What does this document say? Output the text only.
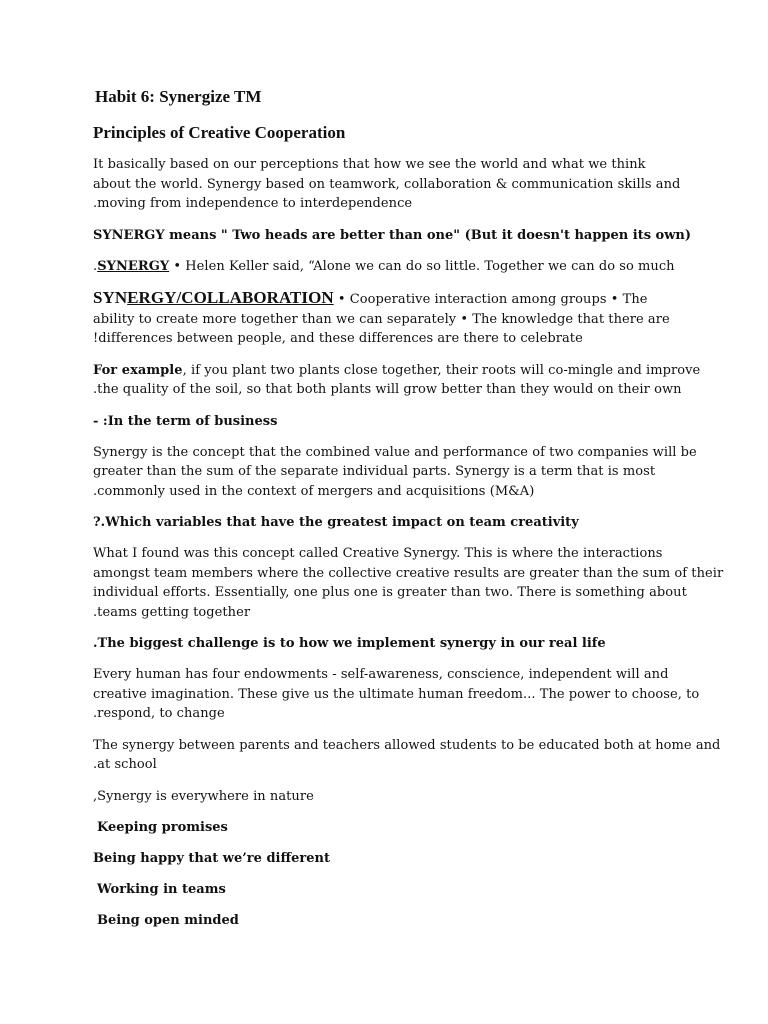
Habit 6: Synergize TM
Principles of Creative Cooperation
It basically based on our perceptions that how we see the world and what we think
about the world. Synergy based on teamwork, collaboration & communication skills and
.moving from independence to interdependence
SYNERGY means " Two heads are better than one" (But it doesn't happen its own)
.SYNERGY • Helen Keller said, “Alone we can do so little. Together we can do so much
SYNERGY/COLLABORATION • Cooperative interaction among groups • The
ability to create more together than we can separately • The knowledge that there are
!differences between people, and these differences are there to celebrate
For example, if you plant two plants close together, their roots will co-mingle and improve
.the quality of the soil, so that both plants will grow better than they would on their own
- :In the term of business
Synergy is the concept that the combined value and performance of two companies will be
greater than the sum of the separate individual parts. Synergy is a term that is most
.commonly used in the context of mergers and acquisitions (M&A)
?.Which variables that have the greatest impact on team creativity
What I found was this concept called Creative Synergy. This is where the interactions
amongst team members where the collective creative results are greater than the sum of their
individual efforts. Essentially, one plus one is greater than two. There is something about
.teams getting together
.The biggest challenge is to how we implement synergy in our real life
Every human has four endowments - self-awareness, conscience, independent will and
creative imagination. These give us the ultimate human freedom... The power to choose, to
.respond, to change
The synergy between parents and teachers allowed students to be educated both at home and
.at school
,Synergy is everywhere in nature
Keeping promises
Being happy that we’re different
Working in teams
Being open minded
